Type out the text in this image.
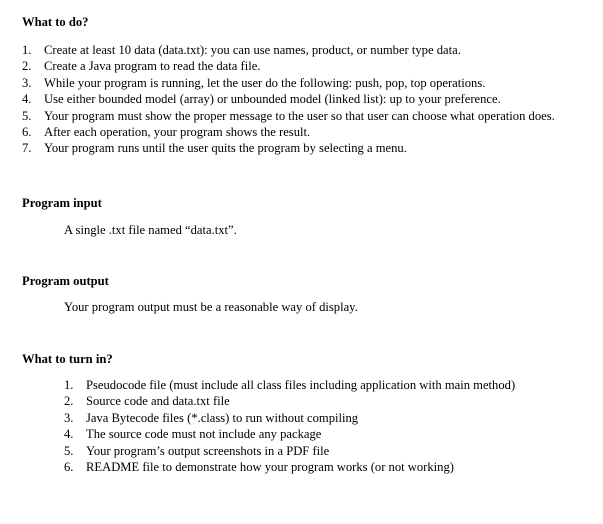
What to do?
1. Create at least 10 data (data.txt): you can use names, product, or number type data.
2. Create a Java program to read the data file.
3. While your program is running, let the user do the following: push, pop, top operations.
4. Use either bounded model (array) or unbounded model (linked list): up to your preference.
5. Your program must show the proper message to the user so that user can choose what operation does.
6. After each operation, your program shows the result.
7. Your program runs until the user quits the program by selecting a menu.
Program input

A single .txt file named “data.txt”.

Program output

Your program output must be a reasonable way of display.

What to turn in?
1. Pseudocode file (must include all class files including application with main method)
2. Source code and data.txt file
3. Java Bytecode files (*.class) to run without compiling
4. The source code must not include any package
5. Your program’s output screenshots in a PDF file
6. README file to demonstrate how your program works (or not working)
